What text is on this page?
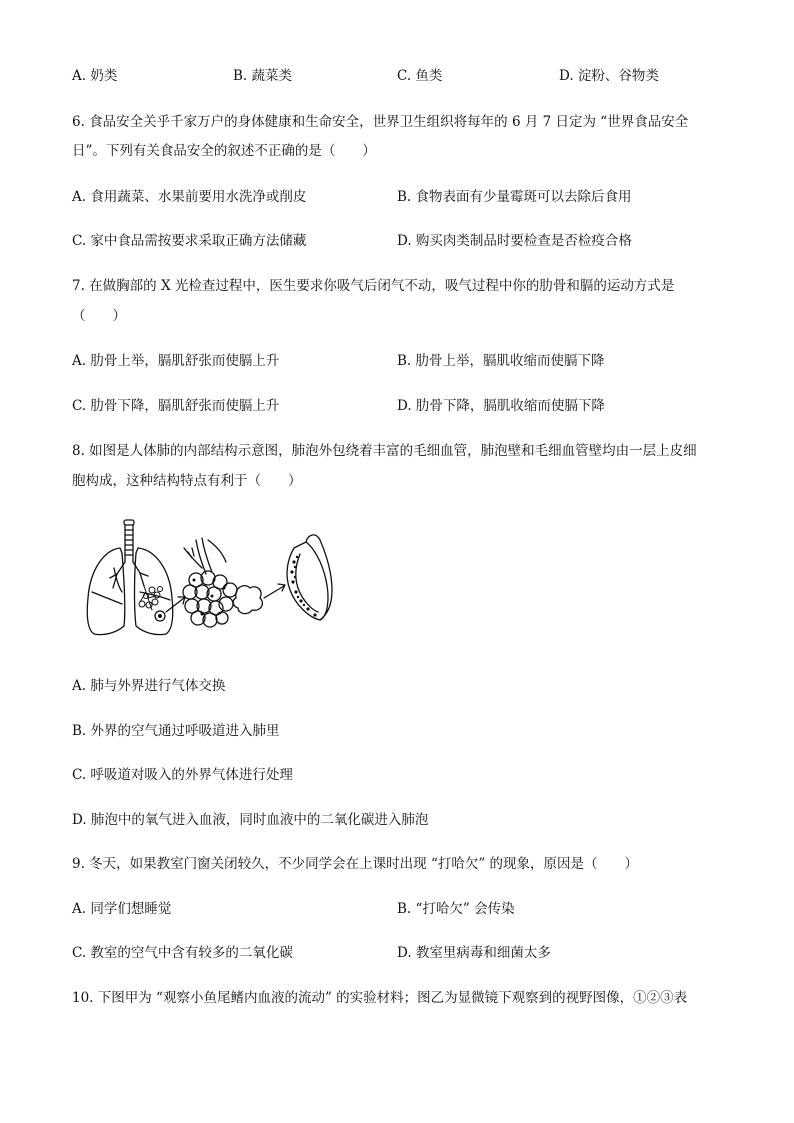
A. 奶类	B. 蔬菜类	C. 鱼类	D. 淀粉、谷物类
6. 食品安全关乎千家万户的身体健康和生命安全，世界卫生组织将每年的 6 月 7 日定为 “世界食品安全
日”。下列有关食品安全的叙述不正确的是（　　）
A. 食用蔬菜、水果前要用水洗净或削皮	B. 食物表面有少量霉斑可以去除后食用
C. 家中食品需按要求采取正确方法储藏	D. 购买肉类制品时要检查是否检疫合格
7. 在做胸部的 X 光检查过程中，医生要求你吸气后闭气不动，吸气过程中你的肋骨和膈的运动方式是
（　　）
A. 肋骨上举，膈肌舒张而使膈上升	B. 肋骨上举，膈肌收缩而使膈下降
C. 肋骨下降，膈肌舒张而使膈上升	D. 肋骨下降，膈肌收缩而使膈下降
8. 如图是人体肺的内部结构示意图，肺泡外包绕着丰富的毛细血管，肺泡壁和毛细血管壁均由一层上皮细
胞构成，这种结构特点有利于（　　）
A. 肺与外界进行气体交换
B. 外界的空气通过呼吸道进入肺里
C. 呼吸道对吸入的外界气体进行处理
D. 肺泡中的氧气进入血液，同时血液中的二氧化碳进入肺泡
9. 冬天，如果教室门窗关闭较久，不少同学会在上课时出现 “打哈欠” 的现象，原因是（　　）
A. 同学们想睡觉	B. “打哈欠” 会传染
C. 教室的空气中含有较多的二氧化碳	D. 教室里病毒和细菌太多
10. 下图甲为 “观察小鱼尾鳍内血液的流动” 的实验材料；图乙为显微镜下观察到的视野图像，①②③表
